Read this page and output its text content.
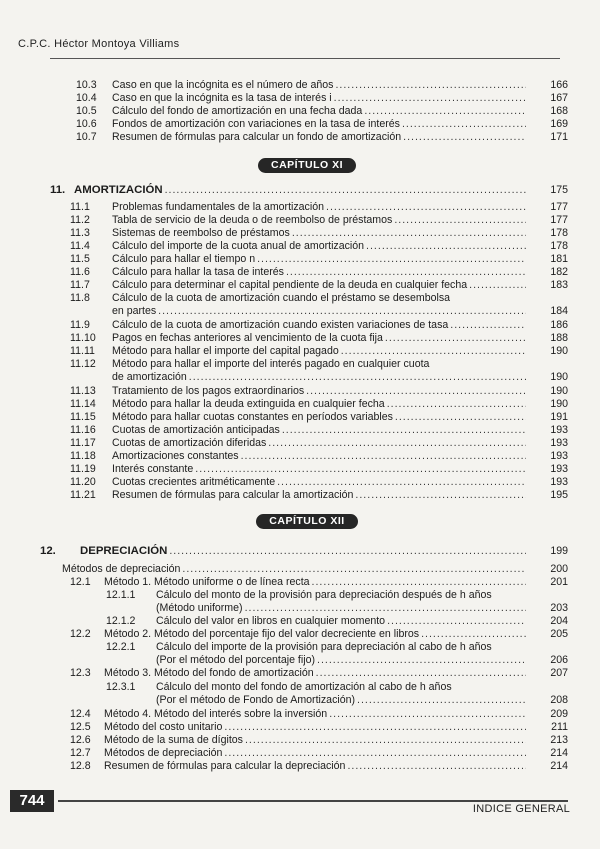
C.P.C. Héctor Montoya Villiams
CAPÍTULO XI
CAPÍTULO XII
10.3 Caso en que la incógnita es el número de años .....	166
10.4 Caso en que la incógnita es la tasa de interés i .....	167
10.5 Cálculo del fondo de amortización en una fecha dada .....	168
10.6 Fondos de amortización con variaciones en la tasa de interés .....	169
10.7 Resumen de fórmulas para calcular un fondo de amortización .....	171
11. AMORTIZACIÓN .....	175
11.1 Problemas fundamentales de la amortización .....	177
11.2 Tabla de servicio de la deuda o de reembolso de préstamos .....	177
11.3 Sistemas de reembolso de préstamos .....	178
11.4 Cálculo del importe de la cuota anual de amortización .....	178
11.5 Cálculo para hallar el tiempo n .....	181
11.6 Cálculo para hallar la tasa de interés .....	182
11.7 Cálculo para determinar el capital pendiente de la deuda en cualquier fecha .....	183
11.8 Cálculo de la cuota de amortización cuando el préstamo se desembolsa
en partes .....	184
11.9 Cálculo de la cuota de amortización cuando existen variaciones de tasa .....	186
11.10 Pagos en fechas anteriores al vencimiento de la cuota fija .....	188
11.11 Método para hallar el importe del capital pagado .....	190
11.12 Método para hallar el importe del interés pagado en cualquier cuota
de amortización .....	190
11.13 Tratamiento de los pagos extraordinarios .....	190
11.14 Método para hallar la deuda extinguida en cualquier fecha .....	190
11.15 Método para hallar cuotas constantes en períodos variables .....	191
11.16 Cuotas de amortización anticipadas .....	193
11.17 Cuotas de amortización diferidas .....	193
11.18 Amortizaciones constantes .....	193
11.19 Interés constante .....	193
11.20 Cuotas crecientes aritméticamente .....	193
11.21 Resumen de fórmulas para calcular la amortización .....	195
12. DEPRECIACIÓN .....	199
Métodos de depreciación .....	200
12.1 Método 1. Método uniforme o de línea recta .....	201
12.1.1 Cálculo del monto de la provisión para depreciación después de h años
(Método uniforme) .....	203
12.1.2 Cálculo del valor en libros en cualquier momento .....	204
12.2 Método 2. Método del porcentaje fijo del valor decreciente en libros .....	205
12.2.1 Cálculo del importe de la provisión para depreciación al cabo de h años
(Por el método del porcentaje fijo) .....	206
12.3 Método 3. Método del fondo de amortización .....	207
12.3.1 Cálculo del monto del fondo de amortización al cabo de h años
(Por el método de Fondo de Amortización) .....	208
12.4 Método 4. Método del interés sobre la inversión .....	209
12.5 Método del costo unitario .....	211
12.6 Método de la suma de dígitos .....	213
12.7 Métodos de depreciación .....	214
12.8 Resumen de fórmulas para calcular la depreciación .....	214
744	INDICE GENERAL
